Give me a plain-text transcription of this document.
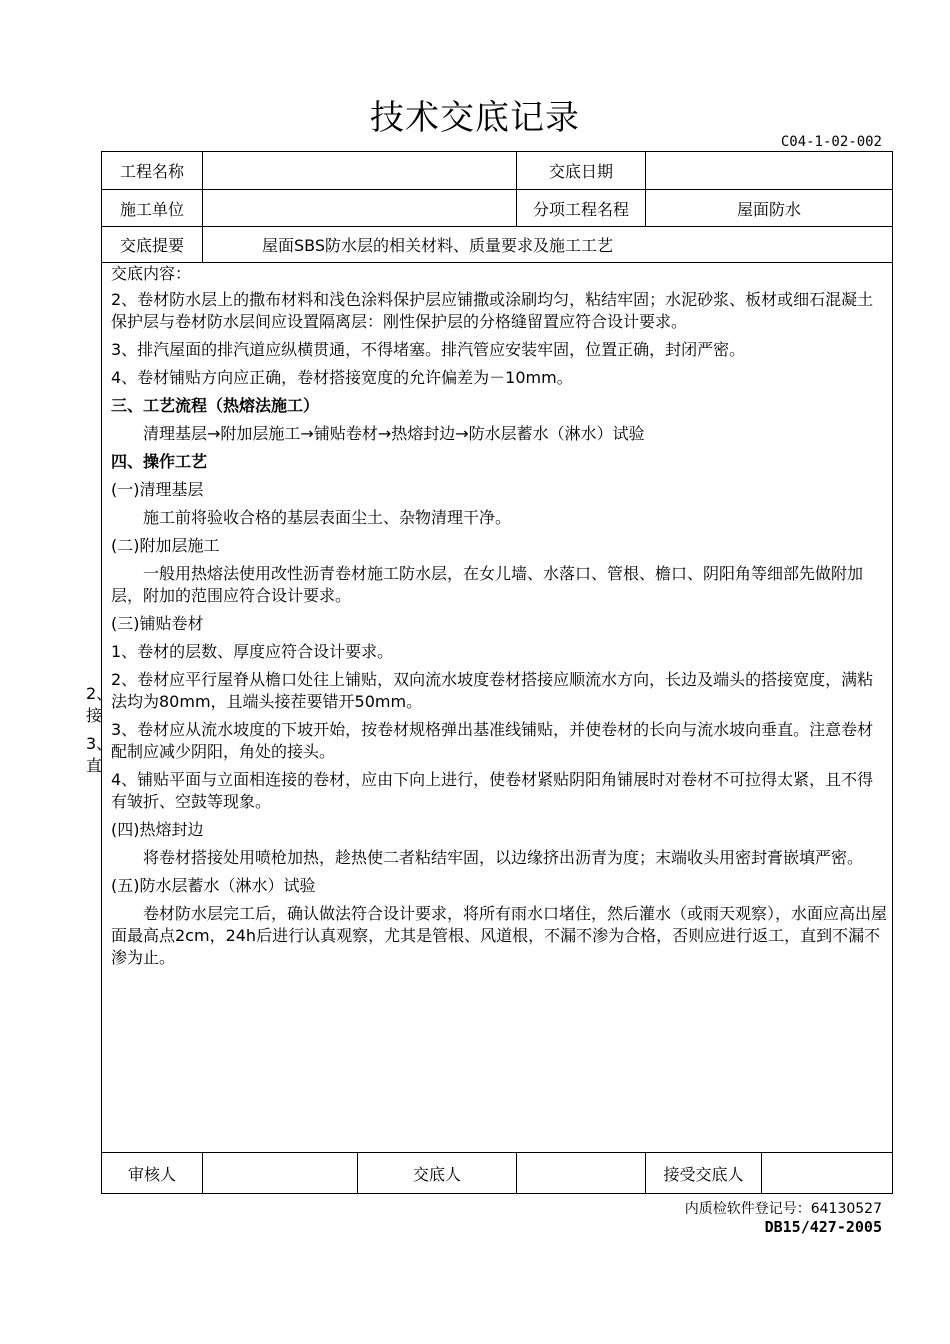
技术交底记录
C04-1-02-002
工程名称	交底日期
施工单位	分项工程名程	屋面防水
交底提要	屋面SBS防水层的相关材料、质量要求及施工工艺

交底内容：

2、卷材防水层上的撒布材料和浅色涂料保护层应铺撒或涂刷均匀，粘结牢固；水泥砂浆、板材或细石混凝土保护层与卷材防水层间应设置隔离层：刚性保护层的分格缝留置应符合设计要求。

3、排汽屋面的排汽道应纵横贯通，不得堵塞。排汽管应安装牢固，位置正确，封闭严密。

4、卷材铺贴方向应正确，卷材搭接宽度的允许偏差为－10mm。

三、工艺流程（热熔法施工）

清理基层→附加层施工→铺贴卷材→热熔封边→防水层蓄水（淋水）试验

四、操作工艺

(一)清理基层

施工前将验收合格的基层表面尘土、杂物清理干净。

(二)附加层施工

一般用热熔法使用改性沥青卷材施工防水层，在女儿墙、水落口、管根、檐口、阴阳角等细部先做附加层，附加的范围应符合设计要求。

(三)铺贴卷材

1、卷材的层数、厚度应符合设计要求。

2、卷材应平行屋脊从檐口处往上铺贴，双向流水坡度卷材搭接应顺流水方向，长边及端头的搭接宽度，满粘法均为80mm，且端头接茬要错开50mm。

3、卷材应从流水坡度的下坡开始，按卷材规格弹出基准线铺贴，并使卷材的长向与流水坡向垂直。注意卷材配制应减少阴阳，角处的接头。

4、铺贴平面与立面相连接的卷材，应由下向上进行，使卷材紧贴阴阳角铺展时对卷材不可拉得太紧，且不得有皱折、空鼓等现象。

(四)热熔封边

将卷材搭接处用喷枪加热，趁热使二者粘结牢固，以边缘挤出沥青为度；末端收头用密封膏嵌填严密。

(五)防水层蓄水（淋水）试验

卷材防水层完工后，确认做法符合设计要求，将所有雨水口堵住，然后灌水（或雨天观察），水面应高出屋面最高点2cm，24h后进行认真观察，尤其是管根、风道根，不漏不渗为合格，否则应进行返工，直到不漏不渗为止。

审核人	交底人	接受交底人
2、
接
3、
直
内质检软件登记号：64130527
DB15/427-2005
